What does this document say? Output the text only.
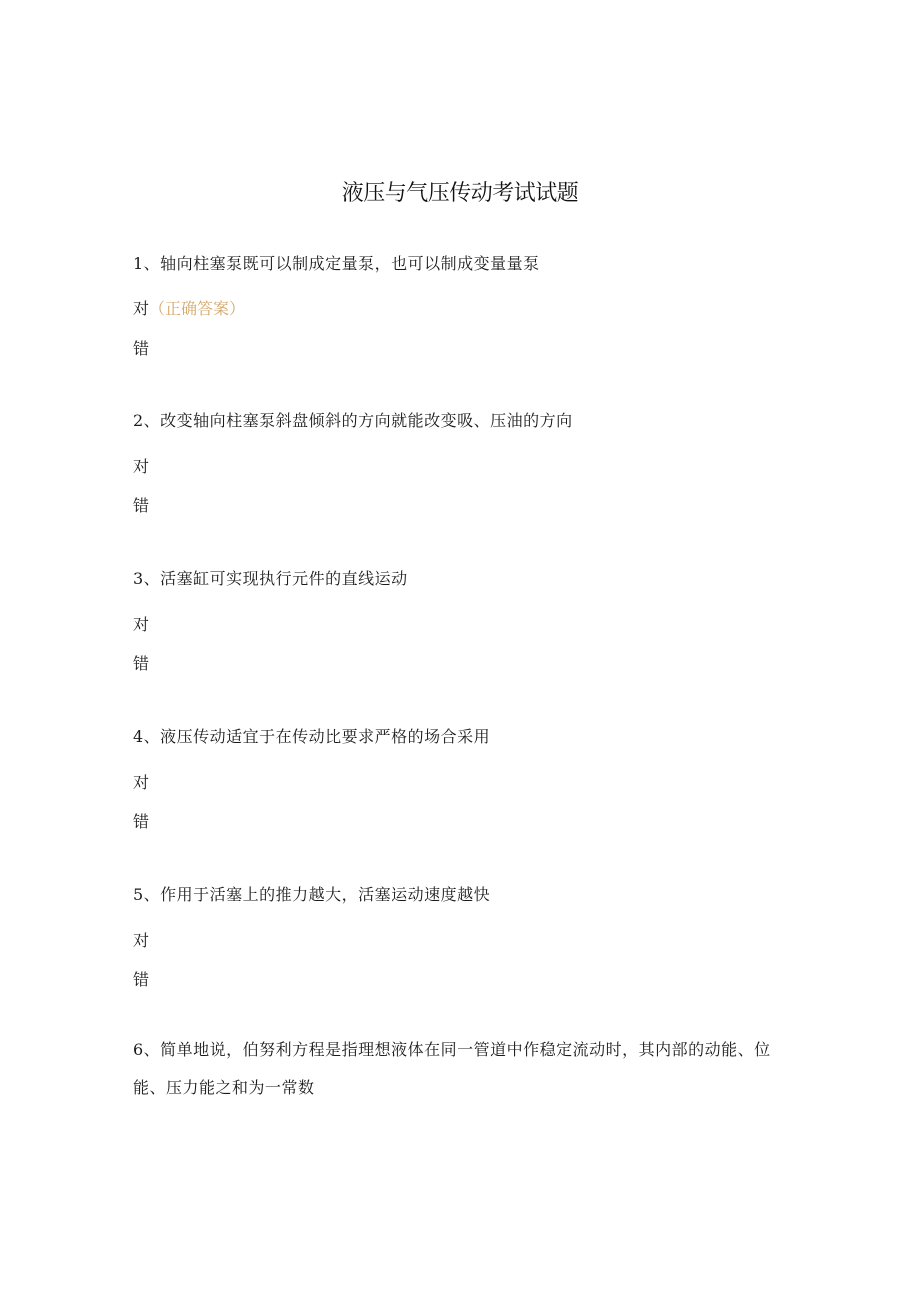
液压与气压传动考试试题
1、轴向柱塞泵既可以制成定量泵，也可以制成变量量泵
对（正确答案）
错
2、改变轴向柱塞泵斜盘倾斜的方向就能改变吸、压油的方向
对
错
3、活塞缸可实现执行元件的直线运动
对
错
4、液压传动适宜于在传动比要求严格的场合采用
对
错
5、作用于活塞上的推力越大，活塞运动速度越快
对
错
6、简单地说，伯努利方程是指理想液体在同一管道中作稳定流动时，其内部的动能、位能、压力能之和为一常数
